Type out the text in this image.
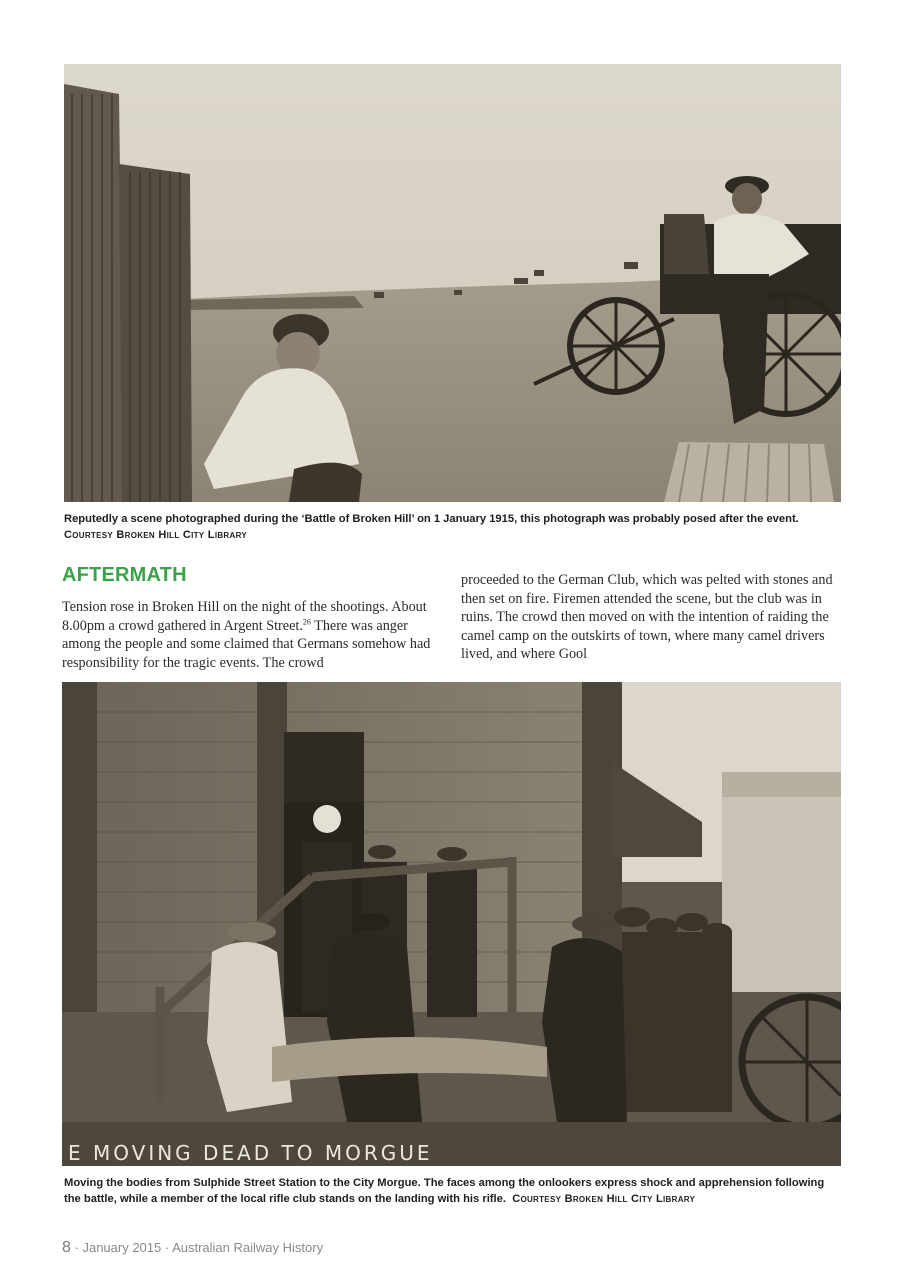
Reputedly a scene photographed during the ‘Battle of Broken Hill’ on 1 January 1915, this photograph was probably posed after the event.  Courtesy Broken Hill City Library
AFTERMATH
Tension rose in Broken Hill on the night of the shootings. About 8.00pm a crowd gathered in Argent Street.$^{26}$ There was anger among the people and some claimed that Germans somehow had responsibility for the tragic events. The crowd
proceeded to the German Club, which was pelted with stones and then set on fire. Firemen attended the scene, but the club was in ruins. The crowd then moved on with the intention of raiding the camel camp on the outskirts of town, where many camel drivers lived, and where Gool
E MOVING DEAD TO MORGUE
Moving the bodies from Sulphide Street Station to the City Morgue. The faces among the onlookers express shock and apprehension following the battle, while a member of the local rifle club stands on the landing with his rifle. Courtesy Broken Hill City Library
8 · January 2015 · Australian Railway History
